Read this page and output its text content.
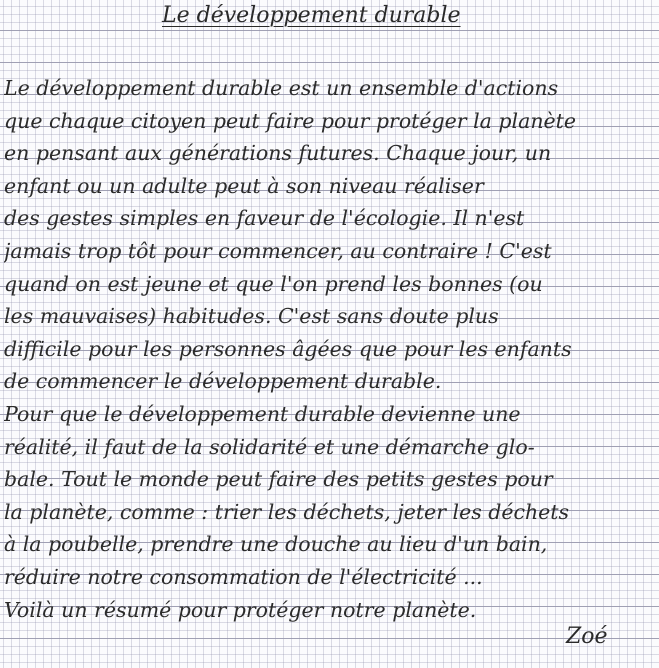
Le développement durable
Le développement durable est un ensemble d'actions
que chaque citoyen peut faire pour protéger la planète
en pensant aux générations futures. Chaque jour, un
enfant ou un adulte peut à son niveau réaliser
des gestes simples en faveur de l'écologie. Il n'est
jamais trop tôt pour commencer, au contraire ! C'est
quand on est jeune et que l'on prend les bonnes (ou
les mauvaises) habitudes. C'est sans doute plus
difficile pour les personnes âgées que pour les enfants
de commencer le développement durable.
Pour que le développement durable devienne une
réalité, il faut de la solidarité et une démarche glo-
bale. Tout le monde peut faire des petits gestes pour
la planète, comme : trier les déchets, jeter les déchets
à la poubelle, prendre une douche au lieu d'un bain,
réduire notre consommation de l'électricité ...
Voilà un résumé pour protéger notre planète.
Zoé
